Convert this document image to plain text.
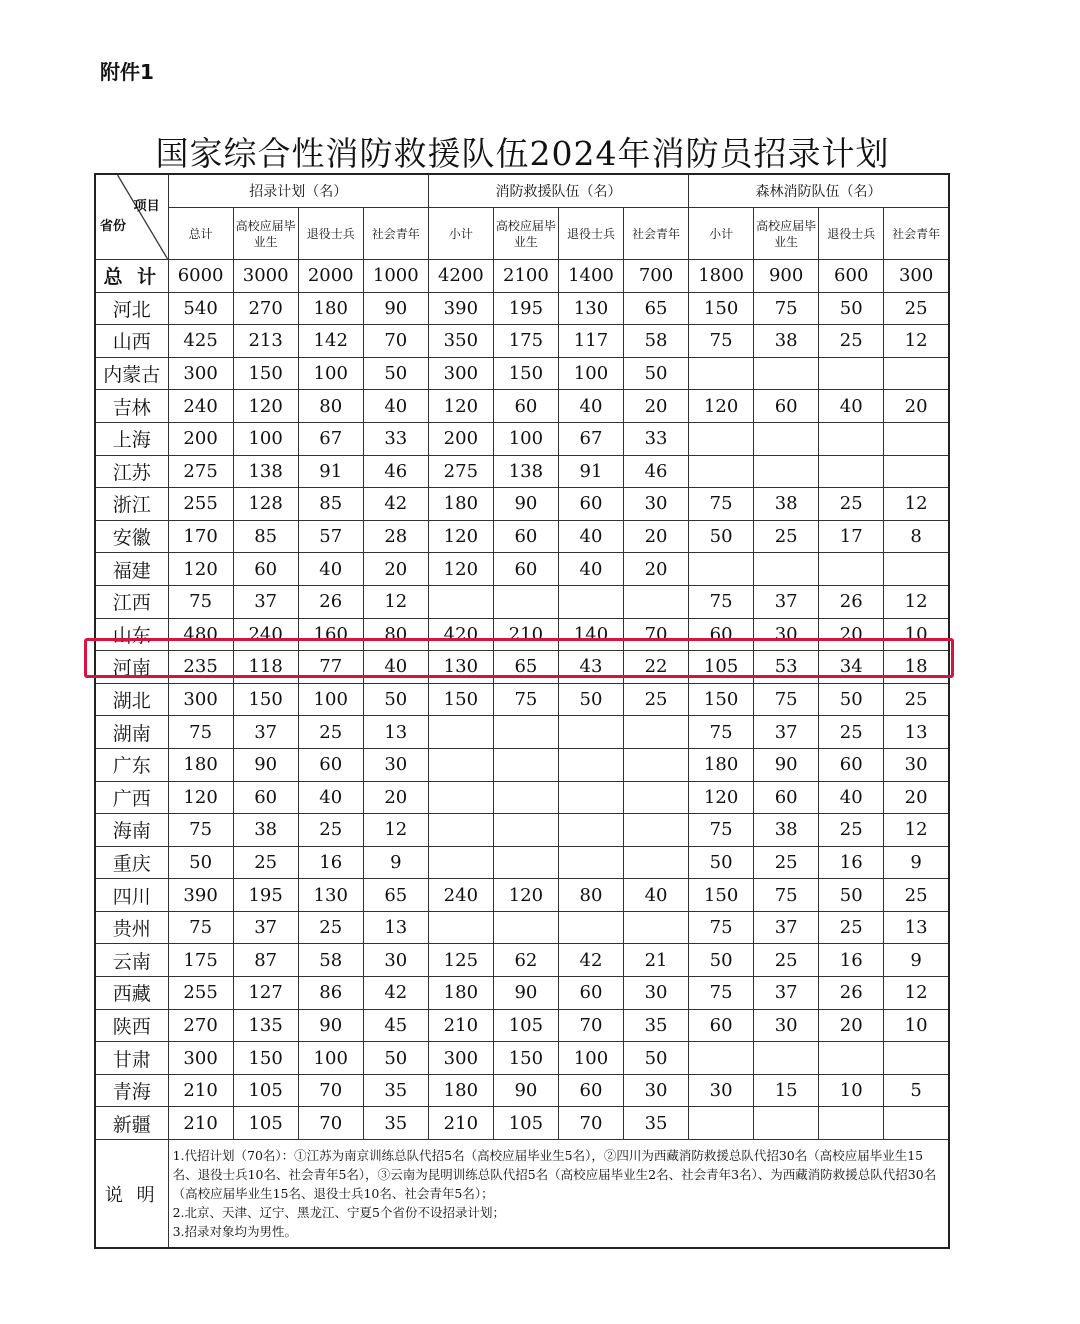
附件1
国家综合性消防救援队伍2024年消防员招录计划
项目
省份	招录计划（名）				消防救援队伍（名）				森林消防队伍（名）			
	总计	高校应届毕业生	退役士兵	社会青年	小计	高校应届毕业生	退役士兵	社会青年	小计	高校应届毕业生	退役士兵	社会青年
总 计	6000	3000	2000	1000	4200	2100	1400	700	1800	900	600	300
河北	540	270	180	90	390	195	130	65	150	75	50	25
山西	425	213	142	70	350	175	117	58	75	38	25	12
内蒙古	300	150	100	50	300	150	100	50				
吉林	240	120	80	40	120	60	40	20	120	60	40	20
上海	200	100	67	33	200	100	67	33				
江苏	275	138	91	46	275	138	91	46				
浙江	255	128	85	42	180	90	60	30	75	38	25	12
安徽	170	85	57	28	120	60	40	20	50	25	17	8
福建	120	60	40	20	120	60	40	20				
江西	75	37	26	12					75	37	26	12
山东	480	240	160	80	420	210	140	70	60	30	20	10
河南	235	118	77	40	130	65	43	22	105	53	34	18
湖北	300	150	100	50	150	75	50	25	150	75	50	25
湖南	75	37	25	13					75	37	25	13
广东	180	90	60	30					180	90	60	30
广西	120	60	40	20					120	60	40	20
海南	75	38	25	12					75	38	25	12
重庆	50	25	16	9					50	25	16	9
四川	390	195	130	65	240	120	80	40	150	75	50	25
贵州	75	37	25	13					75	37	25	13
云南	175	87	58	30	125	62	42	21	50	25	16	9
西藏	255	127	86	42	180	90	60	30	75	37	26	12
陕西	270	135	90	45	210	105	70	35	60	30	20	10
甘肃	300	150	100	50	300	150	100	50				
青海	210	105	70	35	180	90	60	30	30	15	10	5
新疆	210	105	70	35	210	105	70	35				
说 明	1.代招计划（70名）：①江苏为南京训练总队代招5名（高校应届毕业生5名），②四川为西藏消防救援总队代招30名（高校应届毕业生15名、退役士兵10名、社会青年5名），③云南为昆明训练总队代招5名（高校应届毕业生2名、社会青年3名）、为西藏消防救援总队代招30名（高校应届毕业生15名、退役士兵10名、社会青年5名）；
2.北京、天津、辽宁、黑龙江、宁夏5个省份不设招录计划；
3.招录对象均为男性。											
